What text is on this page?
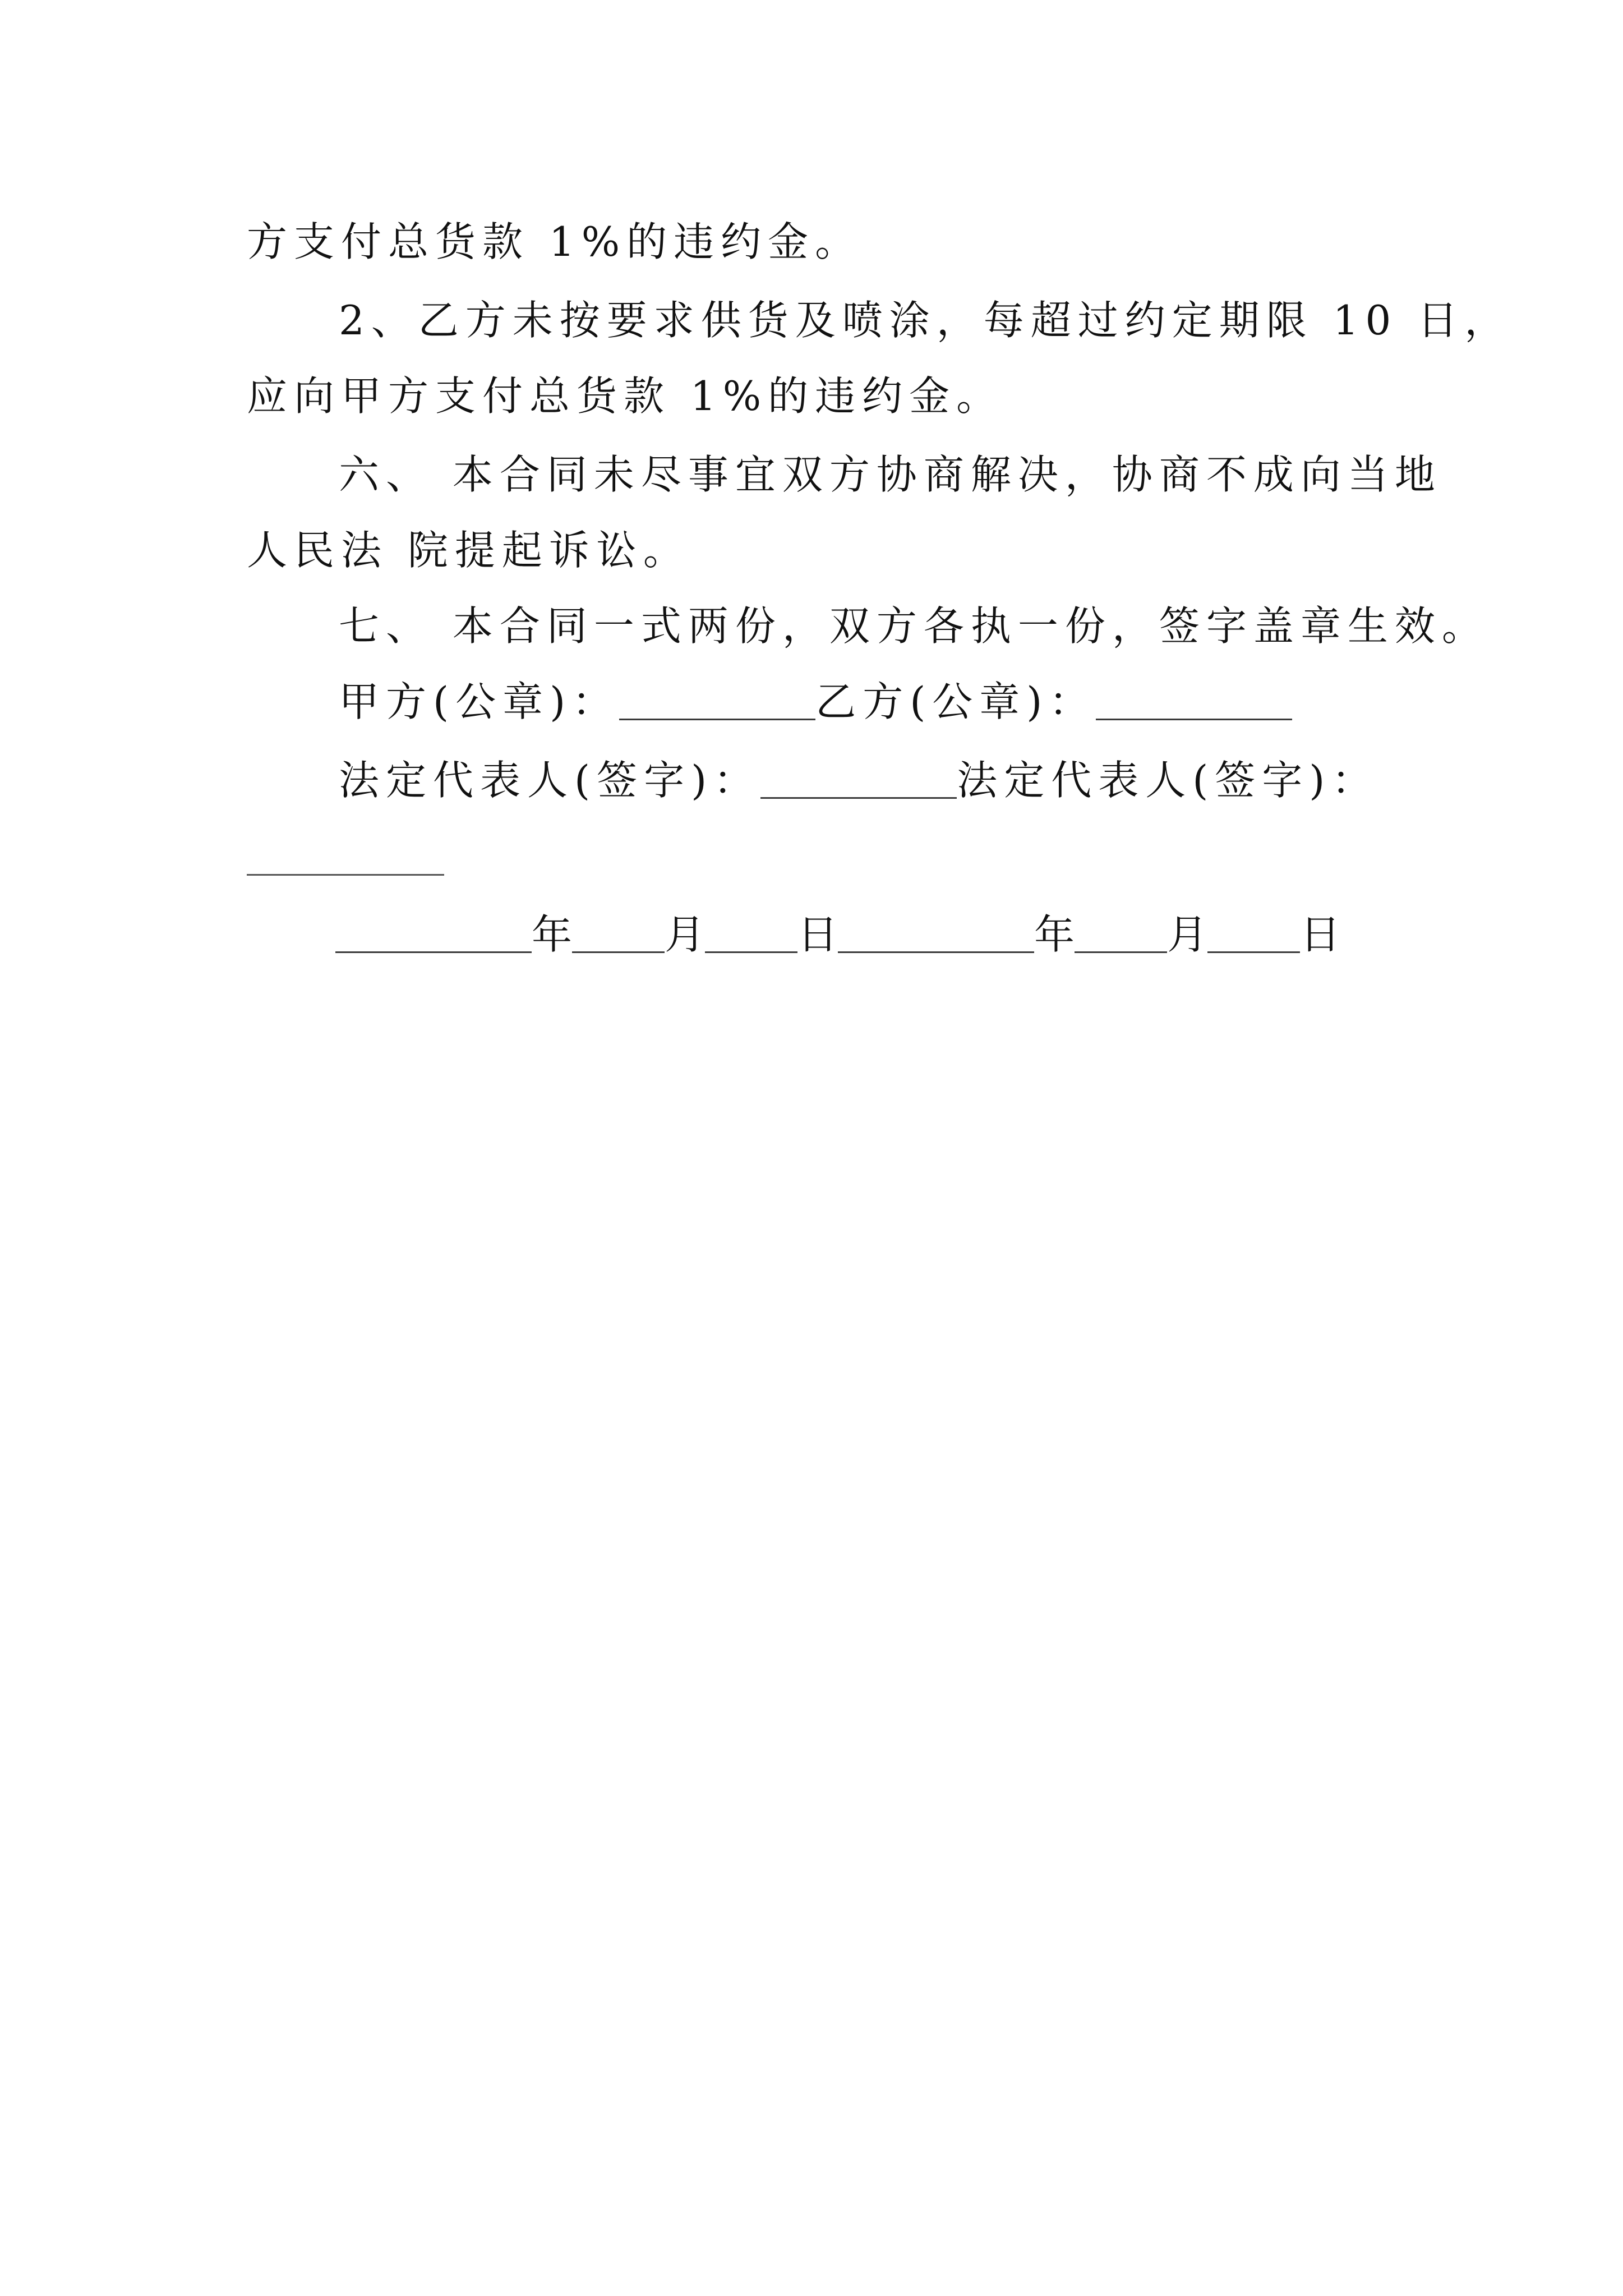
方支付总货款 1%的违约金。
2、乙方未按要求供货及喷涂，每超过约定期限 10 日，
应向甲方支付总货款 1%的违约金。
六、 本合同未尽事宜双方协商解决，协商不成向当地
人民法 院提起诉讼。
七、 本合同一式两份，双方各执一份，签字盖章生效。
甲方(公章)：	乙方(公章)：
法定代表人(签字)：	法定代表人(签字)：
年 月 日	年 月 日
